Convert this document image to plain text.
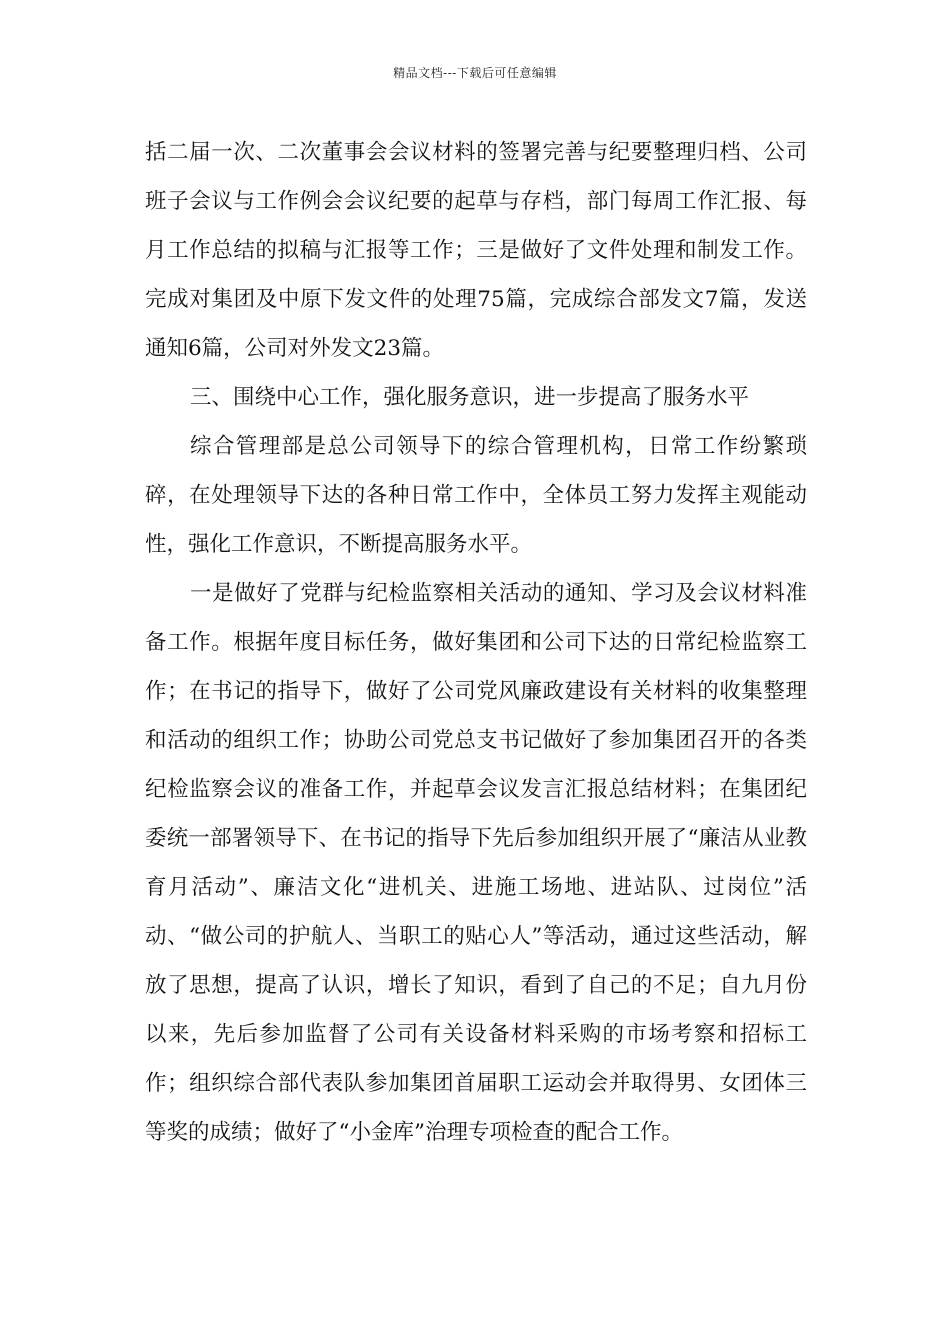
精品文档---下载后可任意编辑

括二届一次、二次董事会会议材料的签署完善与纪要整理归档、公司班子会议与工作例会会议纪要的起草与存档，部门每周工作汇报、每月工作总结的拟稿与汇报等工作；三是做好了文件处理和制发工作。完成对集团及中原下发文件的处理75篇，完成综合部发文7篇，发送通知6篇，公司对外发文23篇。

三、围绕中心工作，强化服务意识，进一步提高了服务水平

综合管理部是总公司领导下的综合管理机构，日常工作纷繁琐碎，在处理领导下达的各种日常工作中，全体员工努力发挥主观能动性，强化工作意识，不断提高服务水平。

一是做好了党群与纪检监察相关活动的通知、学习及会议材料准备工作。根据年度目标任务，做好集团和公司下达的日常纪检监察工作；在书记的指导下，做好了公司党风廉政建设有关材料的收集整理和活动的组织工作；协助公司党总支书记做好了参加集团召开的各类纪检监察会议的准备工作，并起草会议发言汇报总结材料；在集团纪委统一部署领导下、在书记的指导下先后参加组织开展了“廉洁从业教育月活动”、廉洁文化“进机关、进施工场地、进站队、过岗位”活动、“做公司的护航人、当职工的贴心人”等活动，通过这些活动，解放了思想，提高了认识，增长了知识，看到了自己的不足；自九月份以来，先后参加监督了公司有关设备材料采购的市场考察和招标工作；组织综合部代表队参加集团首届职工运动会并取得男、女团体三等奖的成绩；做好了“小金库”治理专项检查的配合工作。
